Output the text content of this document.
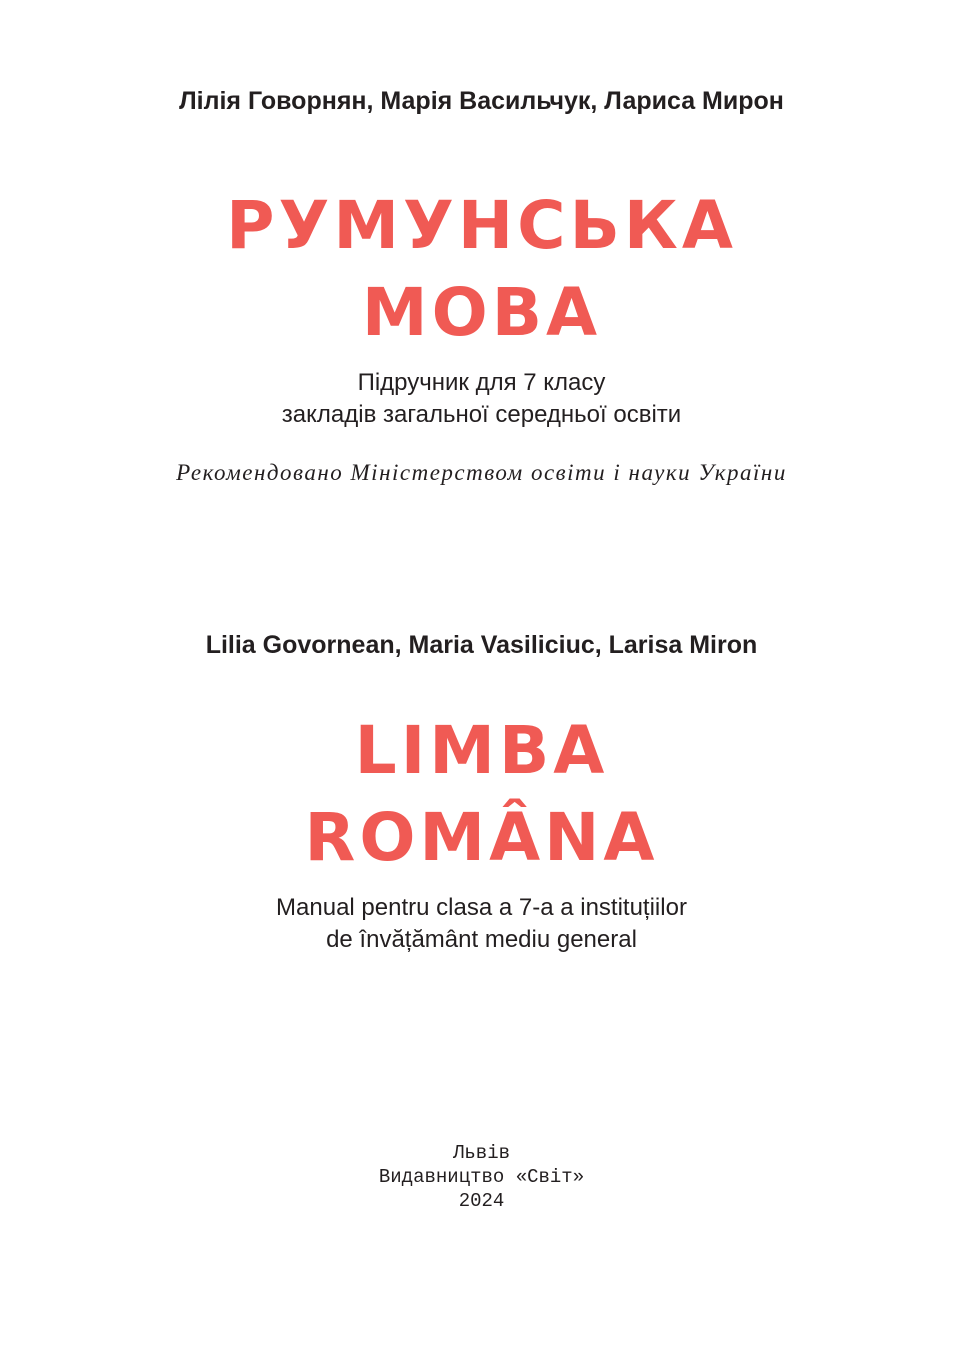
Лілія Говорнян, Марія Васильчук, Лариса Мирон
РУМУНСЬКА
МОВА
Підручник для 7 класу
закладів загальної середньої освіти
Рекомендовано Міністерством освіти і науки України
Lilia Govornean, Maria Vasiliciuc, Larisa Miron
LIMBA
ROMÂNA
Manual pentru clasa a 7-a a instituțiilor
de învățământ mediu general
Львів
Видавництво «Світ»
2024
